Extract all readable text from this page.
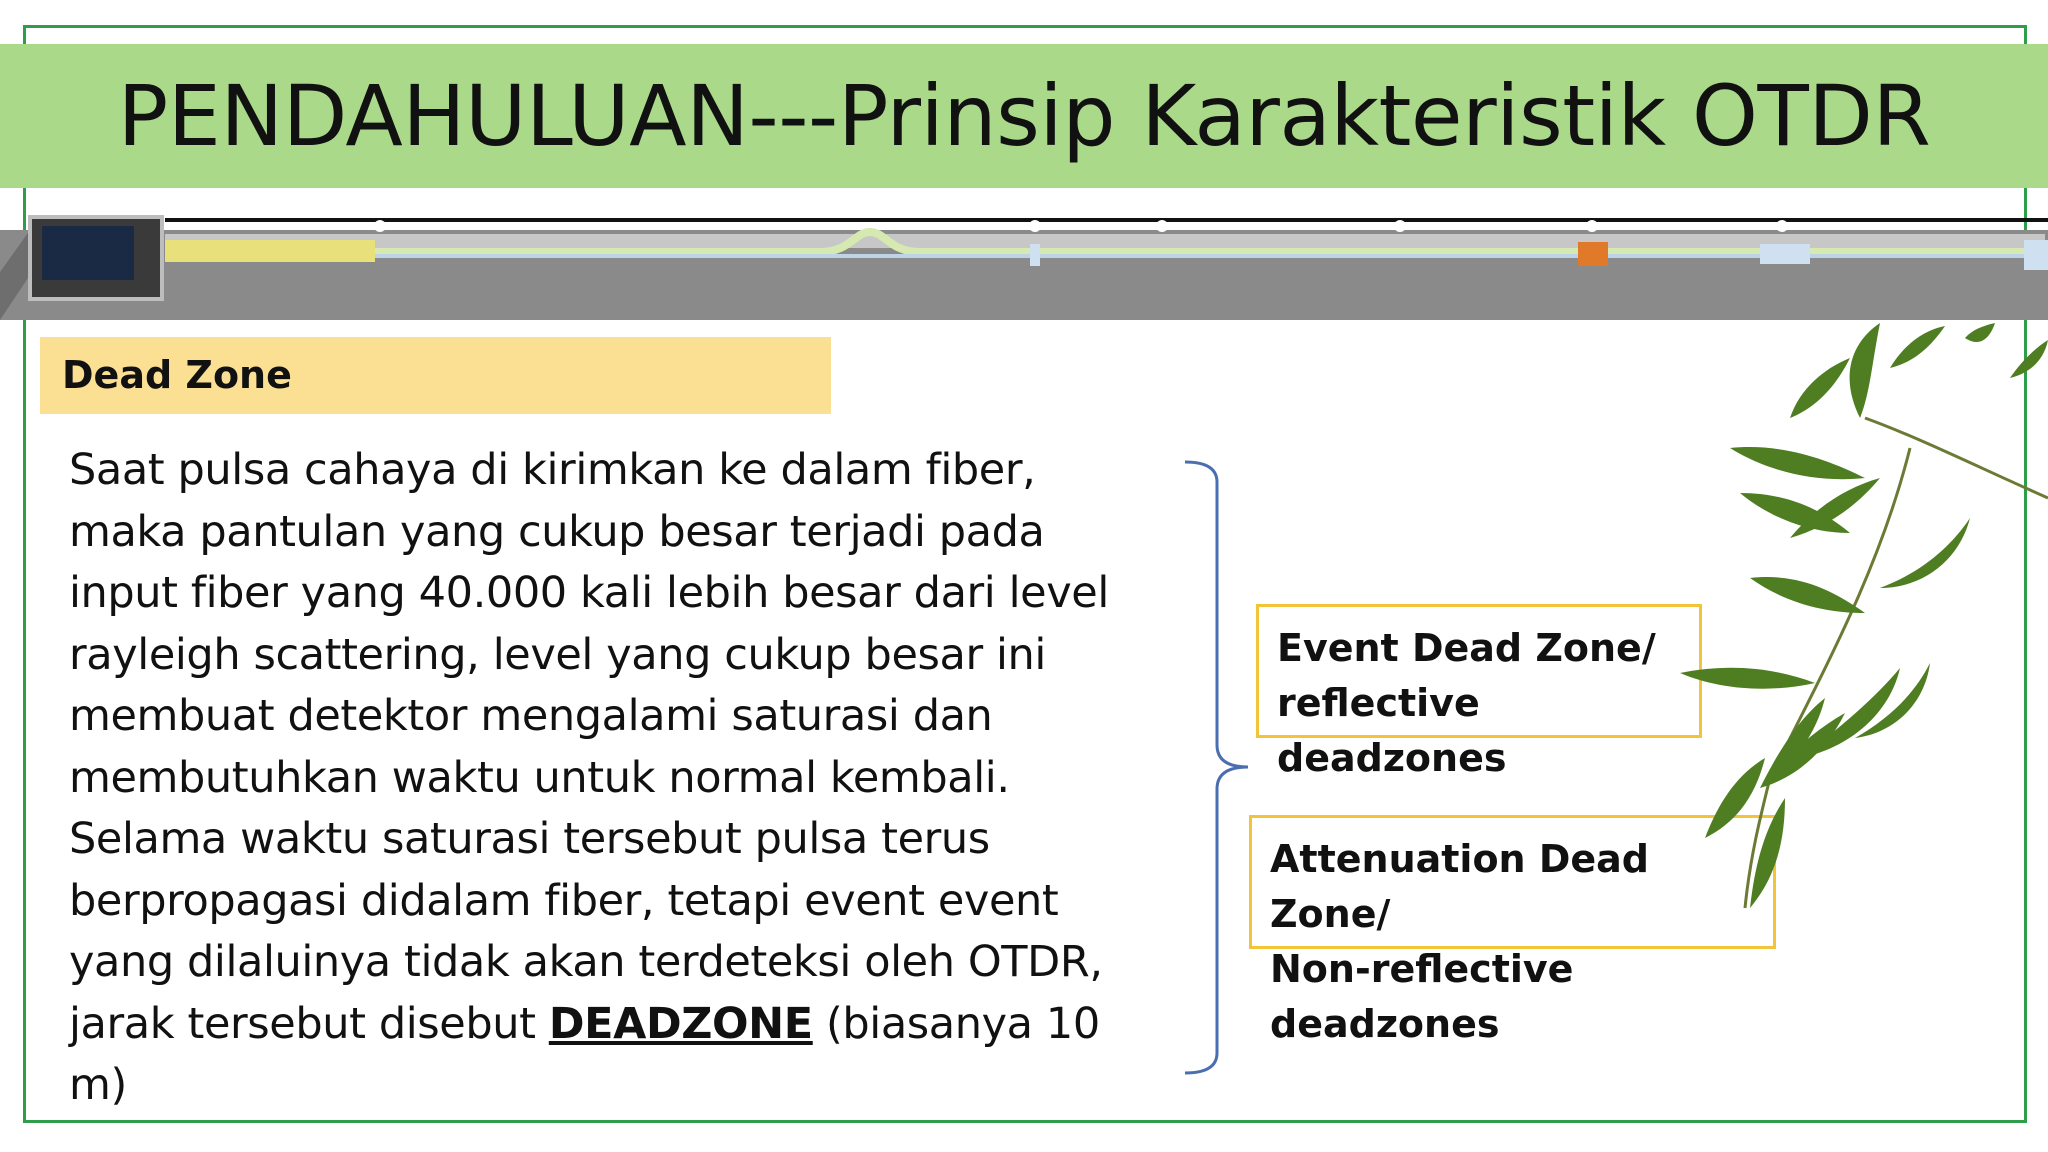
PENDAHULUAN---Prinsip Karakteristik OTDR
Dead Zone

Saat pulsa cahaya di kirimkan ke dalam fiber, maka pantulan yang cukup besar terjadi pada input fiber yang 40.000 kali lebih besar dari level rayleigh scattering, level yang cukup besar ini membuat detektor mengalami saturasi dan membutuhkan waktu untuk normal kembali. Selama waktu saturasi tersebut pulsa terus berpropagasi didalam fiber, tetapi event event yang dilaluinya tidak akan terdeteksi oleh OTDR, jarak tersebut disebut DEADZONE (biasanya 10 m)

Event Dead Zone/
reflective deadzones
Attenuation Dead Zone/
Non-reflective deadzones
